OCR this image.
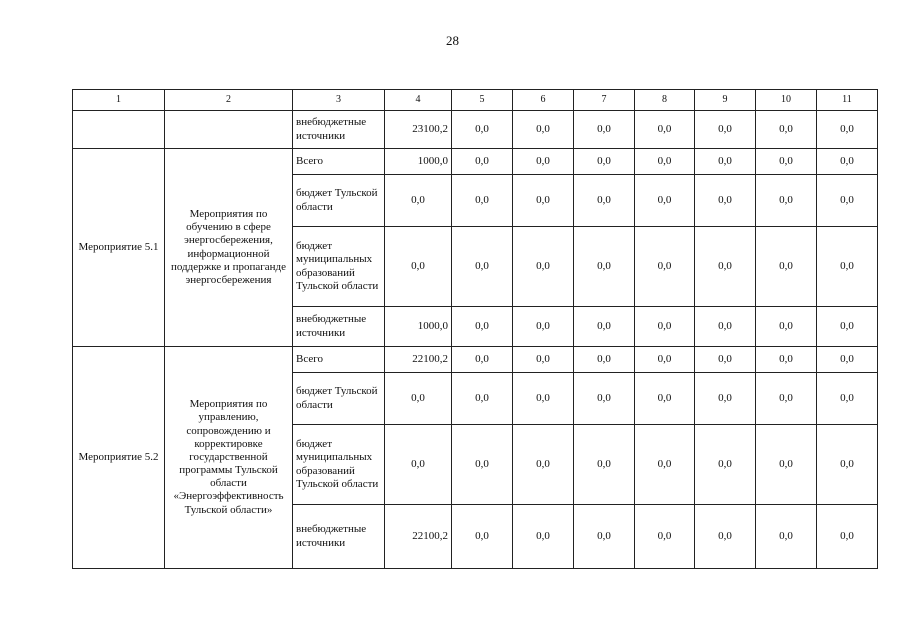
28
1	2	3	4	5	6	7	8	9	10	11
		внебюджетные источники	23100,2	0,0	0,0	0,0	0,0	0,0	0,0	0,0
Мероприятие 5.1	Мероприятия по обучению в сфере энергосбережения, информационной поддержке и пропаганде энергосбережения	Всего	1000,0	0,0	0,0	0,0	0,0	0,0	0,0	0,0
		бюджет Тульской области	0,0	0,0	0,0	0,0	0,0	0,0	0,0	0,0
		бюджет муниципальных образований Тульской области	0,0	0,0	0,0	0,0	0,0	0,0	0,0	0,0
		внебюджетные источники	1000,0	0,0	0,0	0,0	0,0	0,0	0,0	0,0
Мероприятие 5.2	Мероприятия по управлению, сопровождению и корректировке государственной программы Тульской области «Энергоэффективность Тульской области»	Всего	22100,2	0,0	0,0	0,0	0,0	0,0	0,0	0,0
		бюджет Тульской области	0,0	0,0	0,0	0,0	0,0	0,0	0,0	0,0
		бюджет муниципальных образований Тульской области	0,0	0,0	0,0	0,0	0,0	0,0	0,0	0,0
		внебюджетные источники	22100,2	0,0	0,0	0,0	0,0	0,0	0,0	0,0
